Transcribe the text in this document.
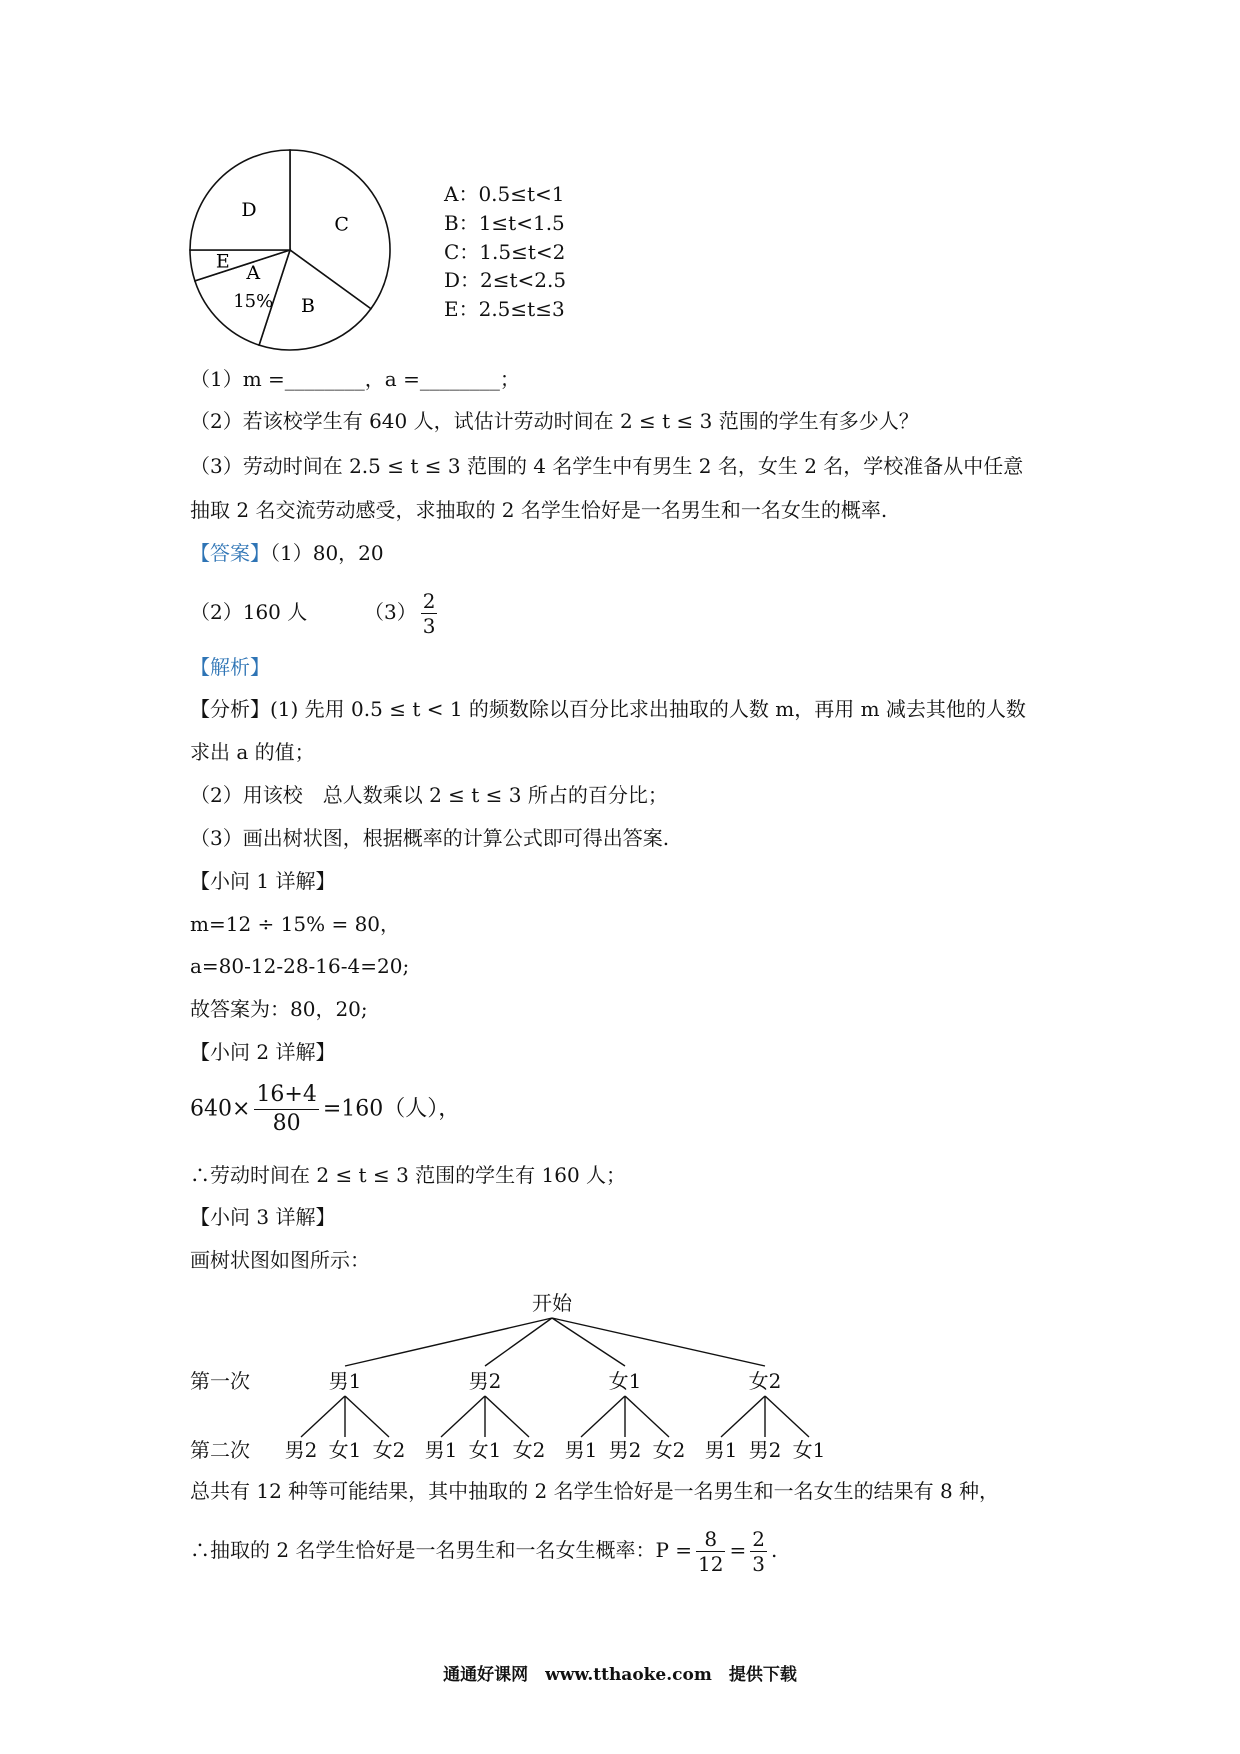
C
B
A
15%
E
D
A：0.5≤t<1
B：1≤t<1.5
C：1.5≤t<2
D：2≤t<2.5
E：2.5≤t≤3
（1）m =________，a =________；
（2）若该校学生有 640 人，试估计劳动时间在 2 ≤ t ≤ 3 范围的学生有多少人？
（3）劳动时间在 2.5 ≤ t ≤ 3 范围的 4 名学生中有男生 2 名，女生 2 名，学校准备从中任意
抽取 2 名交流劳动感受，求抽取的 2 名学生恰好是一名男生和一名女生的概率.
【答案】（1）80，20
（2）160 人	$(3) \frac{2}{3}$
【解析】
【分析】(1) 先用 0.5 ≤ t < 1 的频数除以百分比求出抽取的人数 m，再用 m 减去其他的人数
求出 a 的值；
（2）用该校　总人数乘以 2 ≤ t ≤ 3 所占的百分比；
（3）画出树状图，根据概率的计算公式即可得出答案.
【小问 1 详解】
m=12 ÷ 15% = 80，
a=80-12-28-16-4=20;
故答案为：80，20;
【小问 2 详解】
$640\times \frac{16+4}{80} =160$（人），
∴劳动时间在 2 ≤ t ≤ 3 范围的学生有 160 人；
【小问 3 详解】
画树状图如图所示：
开始
第一次
第二次
男1
男2 女1 女2
男2
男1 女1 女2
女1
男1 男2 女2
女2
男1 男2 女1
总共有 12 种等可能结果，其中抽取的 2 名学生恰好是一名男生和一名女生的结果有 8 种，
∴抽取的 2 名学生恰好是一名男生和一名女生概率：$P = \frac{8}{12} = \frac{2}{3}$ .
通通好课网　www.tthaoke.com　提供下载
